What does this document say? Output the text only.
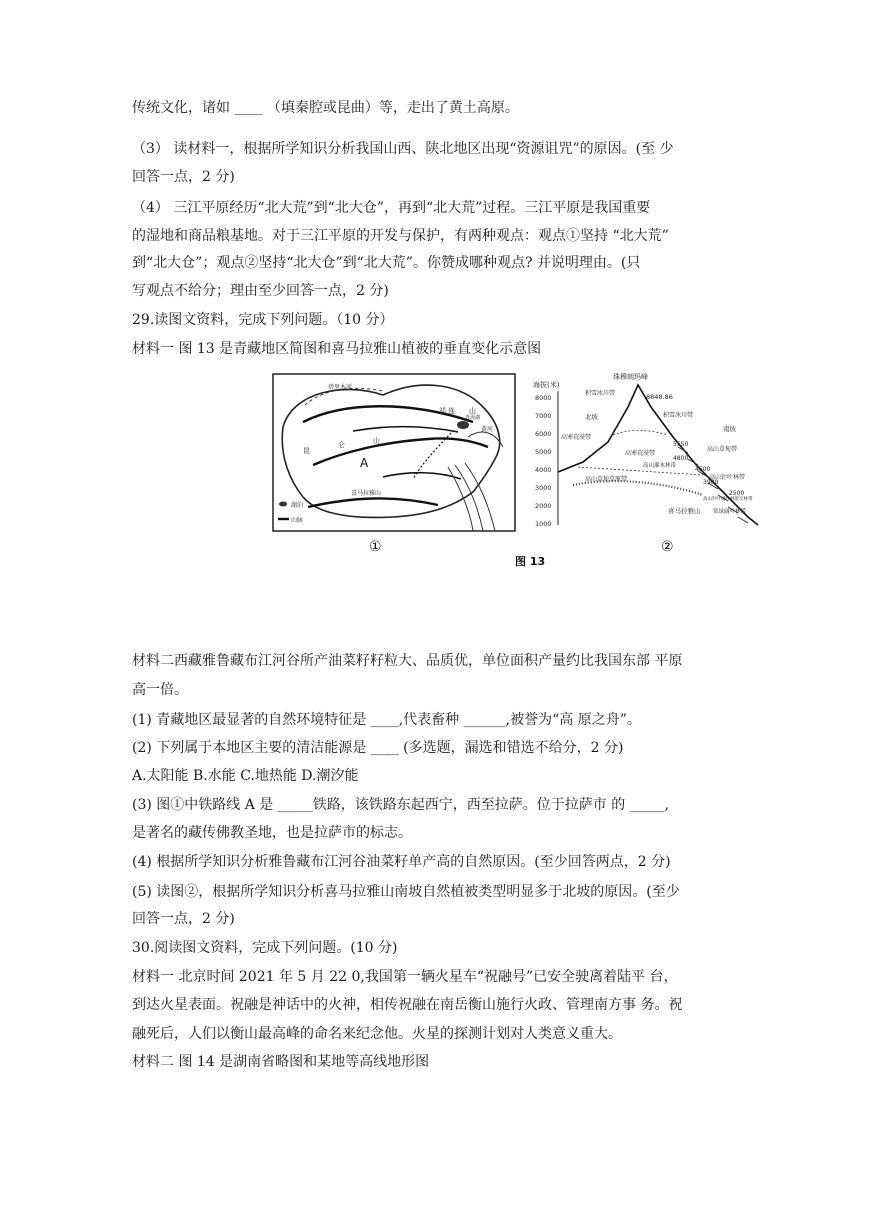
传统文化，诸如 ____ （填秦腔或昆曲）等，走出了黄土高原。
（3） 读材料一，根据所学知识分析我国山西、陕北地区出现“资源诅咒”的原因。(至 少
回答一点，2 分)
（4） 三江平原经历“北大荒”到“北大仓”，再到“北大荒”过程。三江平原是我国重要
的湿地和商品粮基地。对于三江平原的开发与保护，有两种观点：观点①坚持 “北大荒”
到“北大仓”；观点②坚持“北大仓”到“北大荒”。你赞成哪种观点? 并说明理由。(只
写观点不给分；理由至少回答一点，2 分)
29.读图文资料，完成下列问题。（10 分）
材料一 图 13 是青藏地区简图和喜马拉雅山植被的垂直变化示意图
材料二西藏雅鲁藏布江河谷所产油菜籽籽粒大、品质优，单位面积产量约比我国东部 平原
高一倍。
(1) 青藏地区最显著的自然环境特征是 ____,代表畜种 ______,被誉为“高 原之舟”。
(2) 下列属于本地区主要的清洁能源是 ____ (多选题，漏选和错选不给分，2 分)
A.太阳能 B.水能 C.地热能 D.潮汐能
(3) 图①中铁路线 A 是 _____铁路，该铁路东起西宁，西至拉萨。位于拉萨市 的 _____,
是著名的藏传佛教圣地，也是拉萨市的标志。
(4) 根据所学知识分析雅鲁藏布江河谷油菜籽单产高的自然原因。(至少回答两点，2 分)
(5) 读图②，根据所学知识分析喜马拉雅山南坡自然植被类型明显多于北坡的原因。(至少
回答一点，2 分)
30.阅读图文资料，完成下列问题。(10 分)
材料一 北京时间 2021 年 5 月 22 0,我国第一辆火星车“祝融号”已安全驶离着陆平 台，
到达火星表面。祝融是神话中的火神，相传祝融在南岳衡山施行火政、管理南方事 务。祝
融死后，人们以衡山最高峰的命名来纪念他。火星的探测计划对人类意义重大。
材料二 图 14 是湖南省略图和某地等高线地形图
塔里木河
祁 连 山
昆
仑	山
黄河
青海湖
喜马拉雅山
A
湖泊
山脉
①
海拔(米)
8000
7000
6000
5000
4000
3000
2000
1000
珠穆朗玛峰
8848.86
积雪冰川带
北坡
高寒荒漠带
高山草甸草原带
积雪冰川带
南坡
高寒荒漠带
高山草甸带
高山灌木林带
高山针叶林带
高山针叶阔叶林混交林带
常绿阔叶林带
5550
4800
4500
3900
2500
喜马拉雅山
②
图 13
